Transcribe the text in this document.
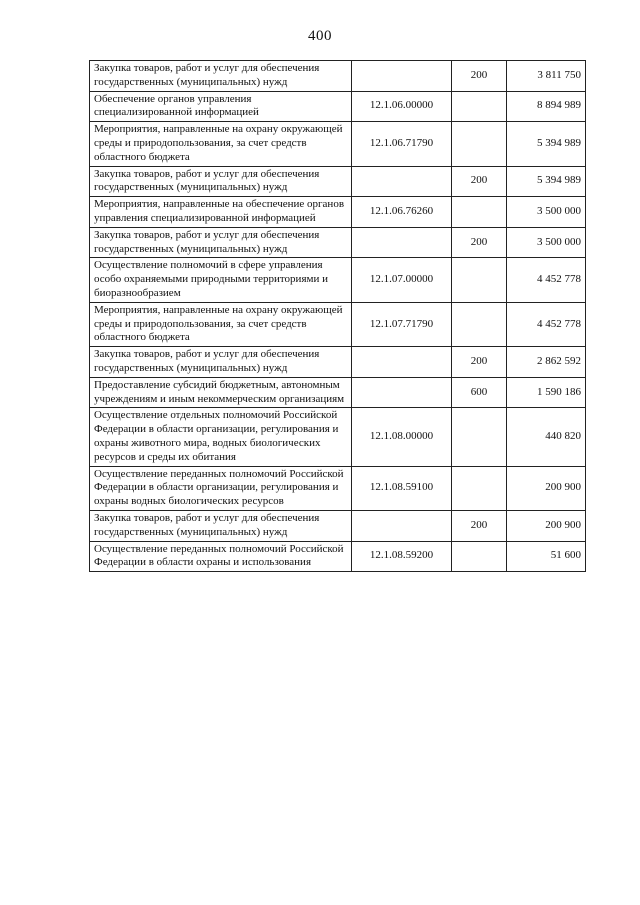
400
Закупка товаров, работ и услуг для обеспечения государственных (муниципальных) нужд		200	3 811 750
Обеспечение органов управления специализированной информацией	12.1.06.00000		8 894 989
Мероприятия, направленные на охрану окружающей среды и природопользования, за счет средств областного бюджета	12.1.06.71790		5 394 989
Закупка товаров, работ и услуг для обеспечения государственных (муниципальных) нужд		200	5 394 989
Мероприятия, направленные на обеспечение органов управления специализированной информацией	12.1.06.76260		3 500 000
Закупка товаров, работ и услуг для обеспечения государственных (муниципальных) нужд		200	3 500 000
Осуществление полномочий в сфере управления особо охраняемыми природными территориями и биоразнообразием	12.1.07.00000		4 452 778
Мероприятия, направленные на охрану окружающей среды и природопользования, за счет средств областного бюджета	12.1.07.71790		4 452 778
Закупка товаров, работ и услуг для обеспечения государственных (муниципальных) нужд		200	2 862 592
Предоставление субсидий бюджетным, автономным учреждениям и иным некоммерческим организациям		600	1 590 186
Осуществление отдельных полномочий Российской Федерации в области организации, регулирования и охраны животного мира, водных биологических ресурсов и среды их обитания	12.1.08.00000		440 820
Осуществление переданных полномочий Российской Федерации в области организации, регулирования и охраны водных биологических ресурсов	12.1.08.59100		200 900
Закупка товаров, работ и услуг для обеспечения государственных (муниципальных) нужд		200	200 900
Осуществление переданных полномочий Российской Федерации в области охраны и использования	12.1.08.59200		51 600
